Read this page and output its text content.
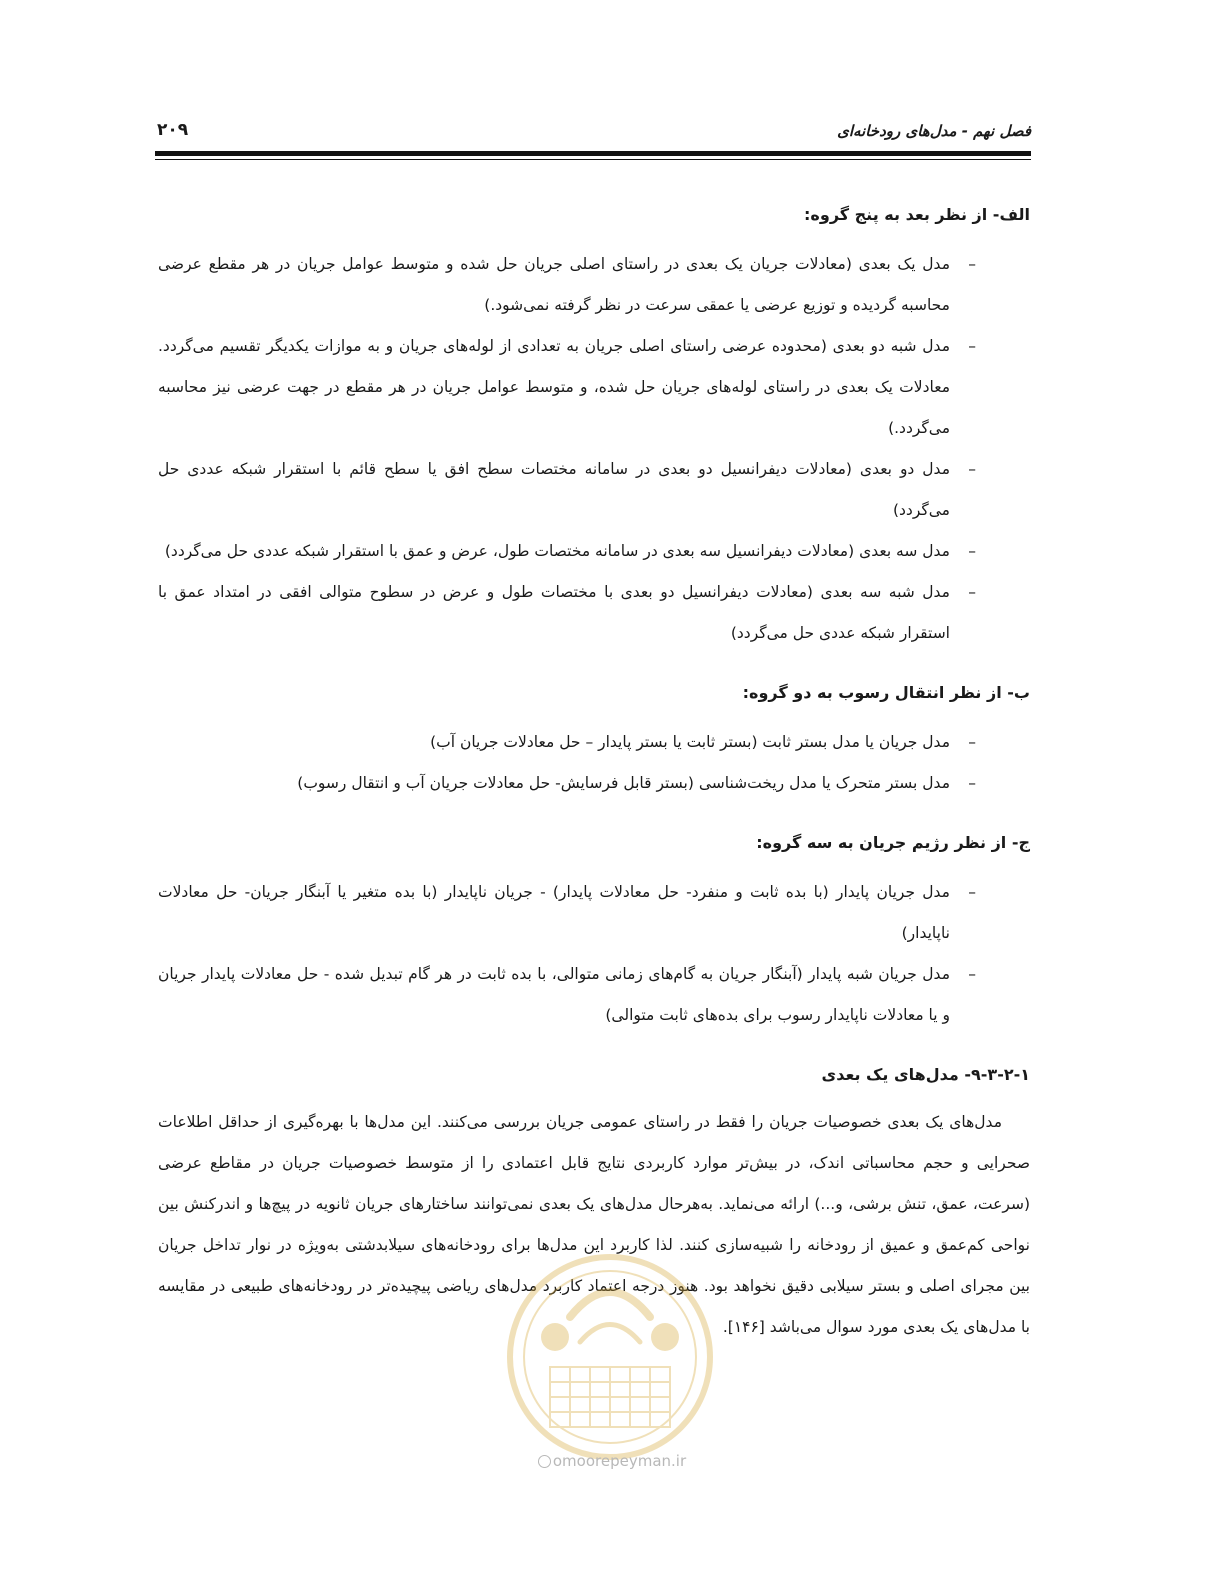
فصل نهم - مدل‌های رودخانه‌ای
۲۰۹
الف- از نظر بعد به پنج گروه:
–
مدل یک بعدی (معادلات جریان یک بعدی در راستای اصلی جریان حل شده و متوسط عوامل جریان در هر مقطع عرضی محاسبه گردیده و توزیع عرضی یا عمقی سرعت در نظر گرفته نمی‌شود.)
–
مدل شبه دو بعدی (محدوده عرضی راستای اصلی جریان به تعدادی از لوله‌های جریان و به موازات یکدیگر تقسیم می‌گردد. معادلات یک بعدی در راستای لوله‌های جریان حل شده، و متوسط عوامل جریان در هر مقطع در جهت عرضی نیز محاسبه می‌گردد.)
–
مدل دو بعدی (معادلات دیفرانسیل دو بعدی در سامانه مختصات سطح افق یا سطح قائم با استقرار شبکه عددی حل می‌گردد)
–
مدل سه بعدی (معادلات دیفرانسیل سه بعدی در سامانه مختصات طول، عرض و عمق با استقرار شبکه عددی حل می‌گردد)
–
مدل شبه سه بعدی (معادلات دیفرانسیل دو بعدی با مختصات طول و عرض در سطوح متوالی افقی در امتداد عمق با استقرار شبکه عددی حل می‌گردد)
ب- از نظر انتقال رسوب به دو گروه:
–
مدل جریان یا مدل بستر ثابت (بستر ثابت یا بستر پایدار – حل معادلات جریان آب)
–
مدل بستر متحرک یا مدل ریخت‌شناسی (بستر قابل فرسایش- حل معادلات جریان آب و انتقال رسوب)
ج- از نظر رژیم جریان به سه گروه:
–
مدل جریان پایدار (با بده ثابت و منفرد- حل معادلات پایدار) - جریان ناپایدار (با بده متغیر یا آبنگار جریان- حل معادلات ناپایدار)
–
مدل جریان شبه پایدار (آبنگار جریان به گام‌های زمانی متوالی، با بده ثابت در هر گام تبدیل شده - حل معادلات پایدار جریان و یا معادلات ناپایدار رسوب برای بده‌های ثابت متوالی)
۹-۳-۲-۱- مدل‌های یک بعدی

مدل‌های یک بعدی خصوصیات جریان را فقط در راستای عمومی جریان بررسی می‌کنند. این مدل‌ها با بهره‌گیری از حداقل اطلاعات صحرایی و حجم محاسباتی اندک، در بیش‌تر موارد کاربردی نتایج قابل اعتمادی را از متوسط خصوصیات جریان در مقاطع عرضی (سرعت، عمق، تنش برشی، و...) ارائه می‌نماید. به‌هرحال مدل‌های یک بعدی نمی‌توانند ساختارهای جریان ثانویه در پیچ‌ها و اندرکنش بین نواحی کم‌عمق و عمیق از رودخانه را شبیه‌سازی کنند. لذا کاربرد این مدل‌ها برای رودخانه‌های سیلابدشتی به‌ویژه در نوار تداخل جریان بین مجرای اصلی و بستر سیلابی دقیق نخواهد بود. هنوز درجه اعتماد کاربرد مدل‌های ریاضی پیچیده‌تر در رودخانه‌های طبیعی در مقایسه با مدل‌های یک بعدی مورد سوال می‌باشد [۱۴۶].

omoorepeyman.ir
